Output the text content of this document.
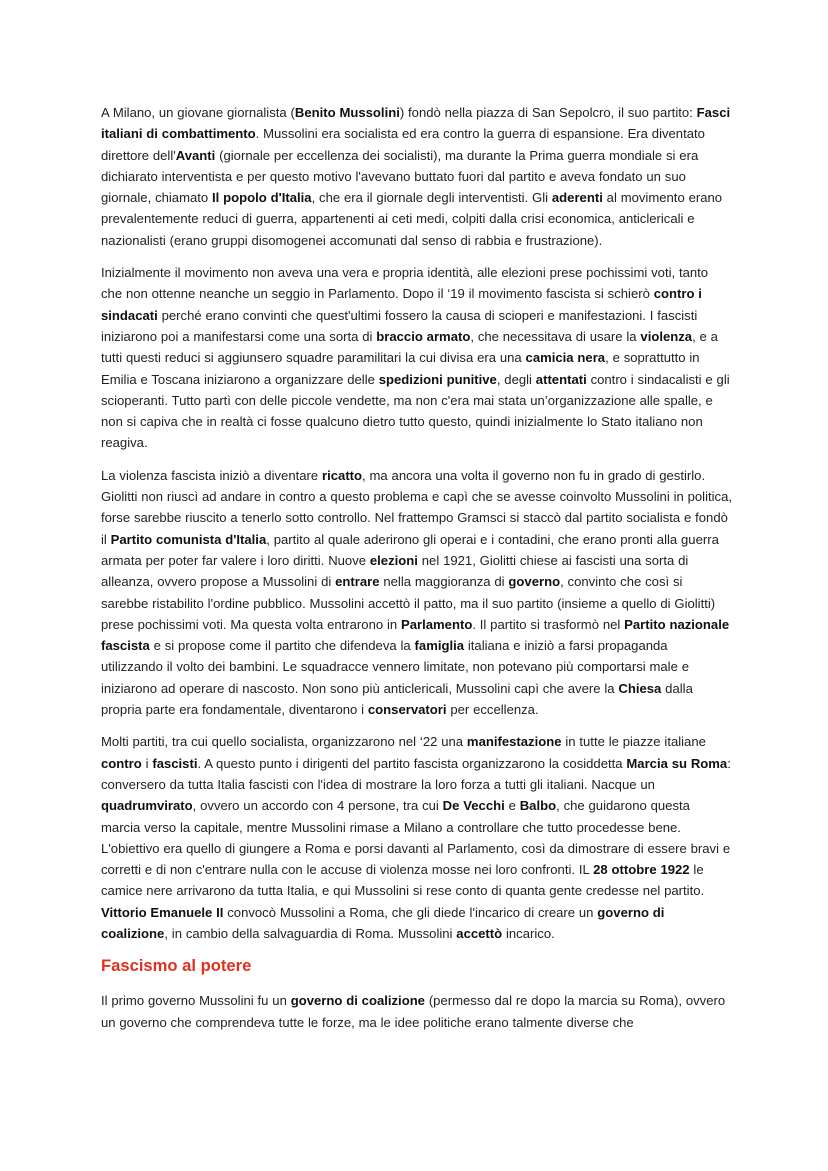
A Milano, un giovane giornalista (Benito Mussolini) fondò nella piazza di San Sepolcro, il suo partito: Fasci italiani di combattimento. Mussolini era socialista ed era contro la guerra di espansione. Era diventato direttore dell'Avanti (giornale per eccellenza dei socialisti), ma durante la Prima guerra mondiale si era dichiarato interventista e per questo motivo l'avevano buttato fuori dal partito e aveva fondato un suo giornale, chiamato Il popolo d'Italia, che era il giornale degli interventisti. Gli aderenti al movimento erano prevalentemente reduci di guerra, appartenenti ai ceti medi, colpiti dalla crisi economica, anticlericali e nazionalisti (erano gruppi disomogenei accomunati dal senso di rabbia e frustrazione).

Inizialmente il movimento non aveva una vera e propria identità, alle elezioni prese pochissimi voti, tanto che non ottenne neanche un seggio in Parlamento. Dopo il ‘19 il movimento fascista si schierò contro i sindacati perché erano convinti che quest'ultimi fossero la causa di scioperi e manifestazioni. I fascisti iniziarono poi a manifestarsi come una sorta di braccio armato, che necessitava di usare la violenza, e a tutti questi reduci si aggiunsero squadre paramilitari la cui divisa era una camicia nera, e soprattutto in Emilia e Toscana iniziarono a organizzare delle spedizioni punitive, degli attentati contro i sindacalisti e gli scioperanti. Tutto partì con delle piccole vendette, ma non c'era mai stata un’organizzazione alle spalle, e non si capiva che in realtà ci fosse qualcuno dietro tutto questo, quindi inizialmente lo Stato italiano non reagiva.

La violenza fascista iniziò a diventare ricatto, ma ancora una volta il governo non fu in grado di gestirlo. Giolitti non riuscì ad andare in contro a questo problema e capì che se avesse coinvolto Mussolini in politica, forse sarebbe riuscito a tenerlo sotto controllo. Nel frattempo Gramsci si staccò dal partito socialista e fondò il Partito comunista d'Italia, partito al quale aderirono gli operai e i contadini, che erano pronti alla guerra armata per poter far valere i loro diritti. Nuove elezioni nel 1921, Giolitti chiese ai fascisti una sorta di alleanza, ovvero propose a Mussolini di entrare nella maggioranza di governo, convinto che così si sarebbe ristabilito l'ordine pubblico. Mussolini accettò il patto, ma il suo partito (insieme a quello di Giolitti) prese pochissimi voti. Ma questa volta entrarono in Parlamento. Il partito si trasformò nel Partito nazionale fascista e si propose come il partito che difendeva la famiglia italiana e iniziò a farsi propaganda utilizzando il volto dei bambini. Le squadracce vennero limitate, non potevano più comportarsi male e iniziarono ad operare di nascosto. Non sono più anticlericali, Mussolini capì che avere la Chiesa dalla propria parte era fondamentale, diventarono i conservatori per eccellenza.

Molti partiti, tra cui quello socialista, organizzarono nel ‘22 una manifestazione in tutte le piazze italiane contro i fascisti. A questo punto i dirigenti del partito fascista organizzarono la cosiddetta Marcia su Roma: conversero da tutta Italia fascisti con l'idea di mostrare la loro forza a tutti gli italiani. Nacque un quadrumvirato, ovvero un accordo con 4 persone, tra cui De Vecchi e Balbo, che guidarono questa marcia verso la capitale, mentre Mussolini rimase a Milano a controllare che tutto procedesse bene. L'obiettivo era quello di giungere a Roma e porsi davanti al Parlamento, così da dimostrare di essere bravi e corretti e di non c'entrare nulla con le accuse di violenza mosse nei loro confronti. IL 28 ottobre 1922 le camice nere arrivarono da tutta Italia, e qui Mussolini si rese conto di quanta gente credesse nel partito. Vittorio Emanuele II convocò Mussolini a Roma, che gli diede l'incarico di creare un governo di coalizione, in cambio della salvaguardia di Roma. Mussolini accettò incarico.

Fascismo al potere

Il primo governo Mussolini fu un governo di coalizione (permesso dal re dopo la marcia su Roma), ovvero un governo che comprendeva tutte le forze, ma le idee politiche erano talmente diverse che
